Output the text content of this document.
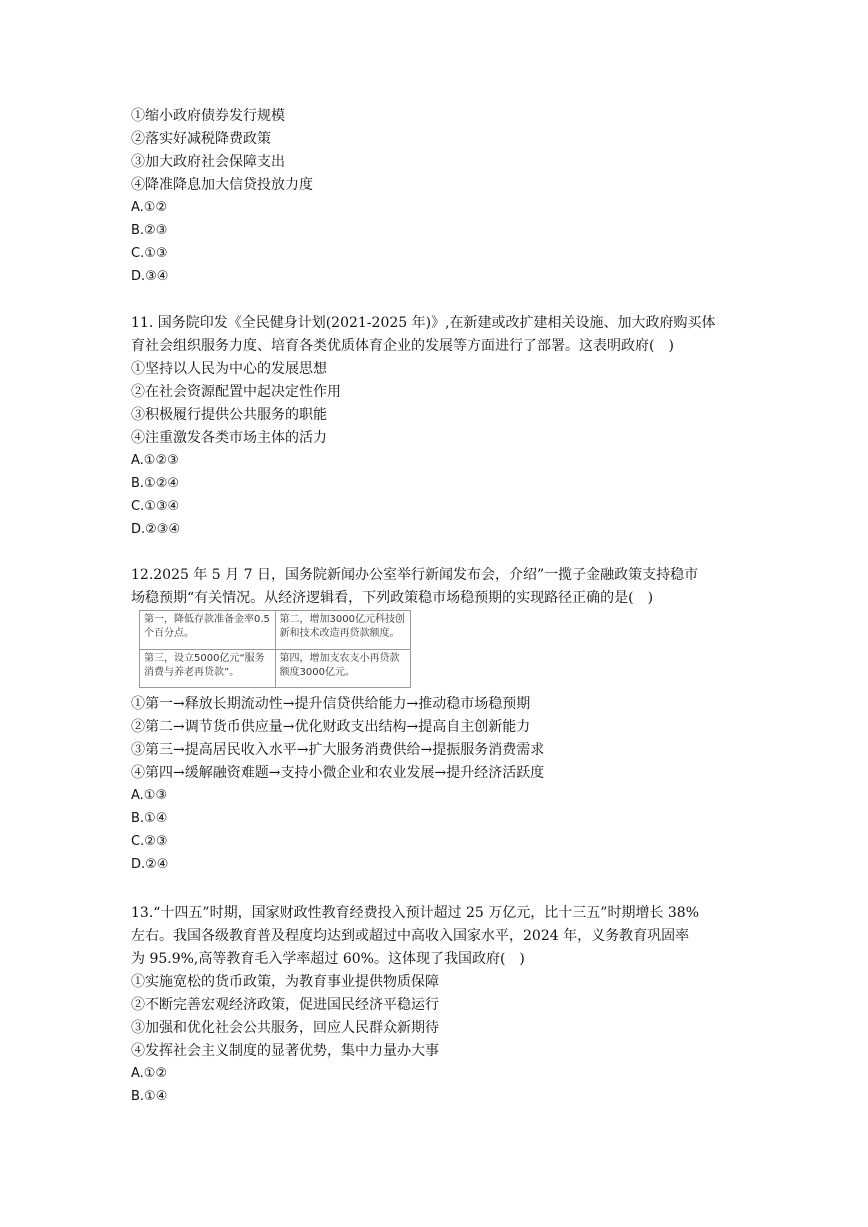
①缩小政府债券发行规模
②落实好减税降费政策
③加大政府社会保障支出
④降准降息加大信贷投放力度
A.①②
B.②③
C.①③
D.③④
11. 国务院印发《全民健身计划(2021-2025 年)》,在新建或改扩建相关设施、加大政府购买体
育社会组织服务力度、培育各类优质体育企业的发展等方面进行了部署。这表明政府(　)
①坚持以人民为中心的发展思想
②在社会资源配置中起决定性作用
③积极履行提供公共服务的职能
④注重激发各类市场主体的活力
A.①②③
B.①②④
C.①③④
D.②③④
12.2025 年 5 月 7 日，国务院新闻办公室举行新闻发布会，介绍”一揽子金融政策支持稳市
场稳预期“有关情况。从经济逻辑看，下列政策稳市场稳预期的实现路径正确的是(　)
第一，降低存款准备金率0.5个百分点。	第二，增加3000亿元科技创新和技术改造再贷款额度。
第三，设立5000亿元“服务消费与养老再贷款”。	第四，增加支农支小再贷款额度3000亿元。
①第一→释放长期流动性→提升信贷供给能力→推动稳市场稳预期
②第二→调节货币供应量→优化财政支出结构→提高自主创新能力
③第三→提高居民收入水平→扩大服务消费供给→提振服务消费需求
④第四→缓解融资难题→支持小微企业和农业发展→提升经济活跃度
A.①③
B.①④
C.②③
D.②④
13.“十四五”时期，国家财政性教育经费投入预计超过 25 万亿元，比十三五”时期增长 38%
左右。我国各级教育普及程度均达到或超过中高收入国家水平，2024 年，义务教育巩固率
为 95.9%,高等教育毛入学率超过 60%。这体现了我国政府(　)
①实施宽松的货币政策，为教育事业提供物质保障
②不断完善宏观经济政策，促进国民经济平稳运行
③加强和优化社会公共服务，回应人民群众新期待
④发挥社会主义制度的显著优势，集中力量办大事
A.①②
B.①④
